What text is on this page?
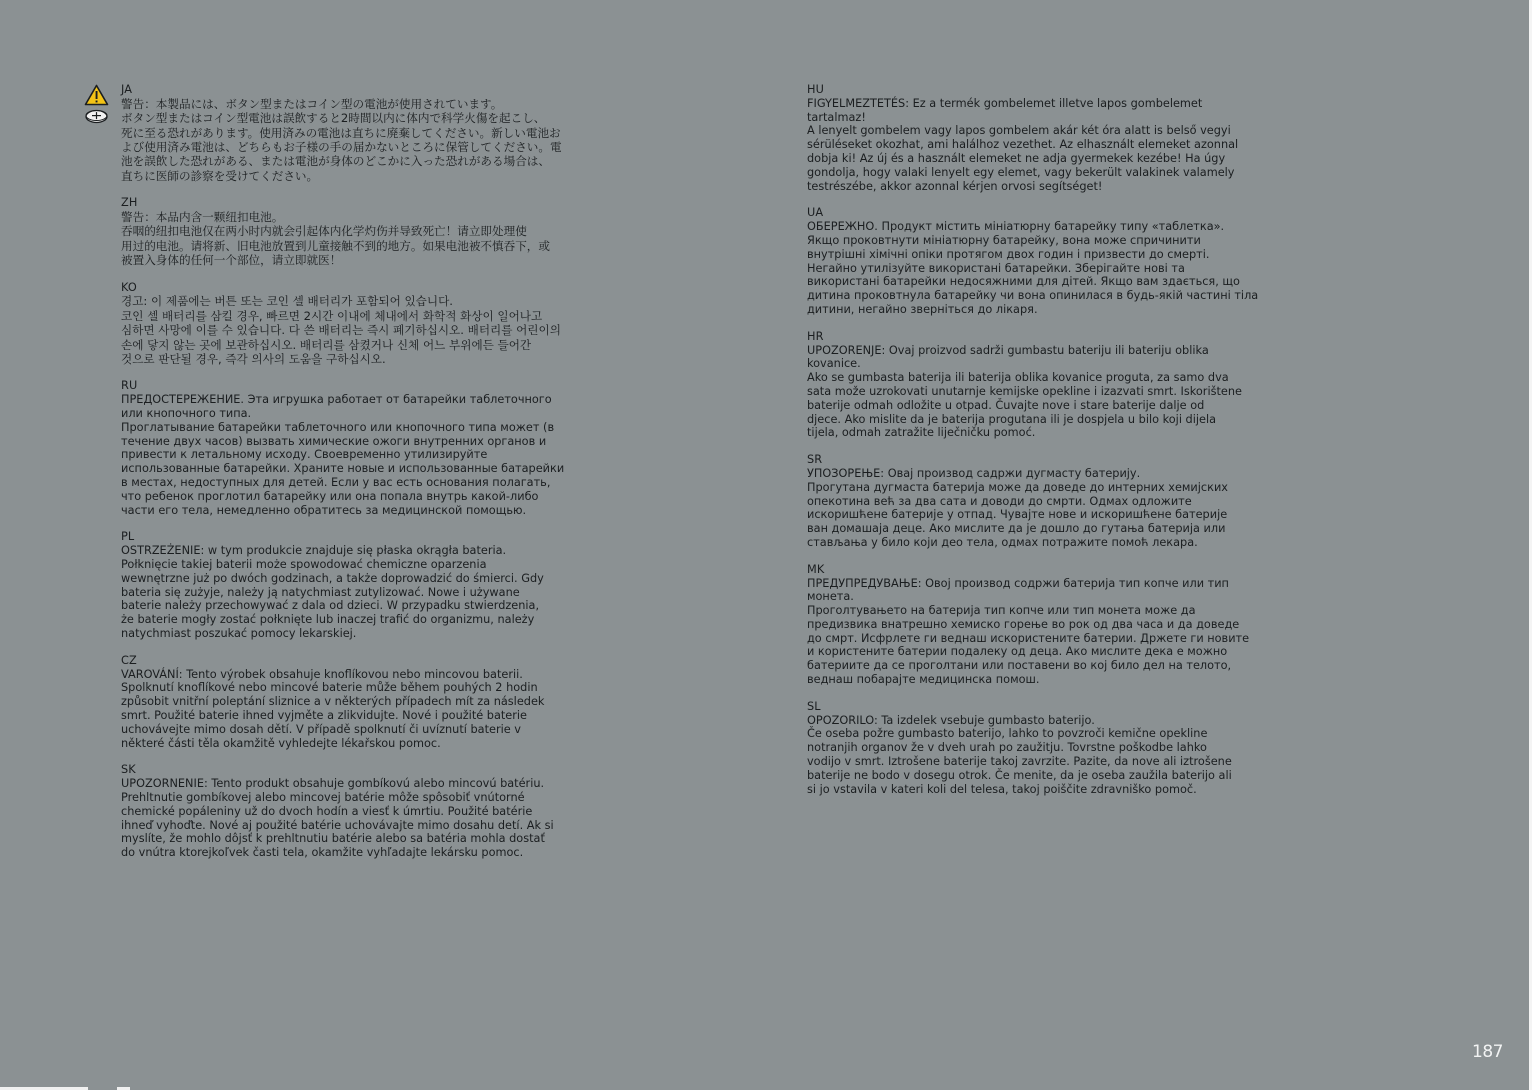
JA
警告：本製品には、ボタン型またはコイン型の電池が使用されています。
ボタン型またはコイン型電池は誤飲すると2時間以内に体内で科学火傷を起こし、
死に至る恐れがあります。使用済みの電池は直ちに廃棄してください。新しい電池お
よび使用済み電池は、どちらもお子様の手の届かないところに保管してください。電
池を誤飲した恐れがある、または電池が身体のどこかに入った恐れがある場合は、
直ちに医師の診察を受けてください。
ZH
警告：本品内含一颗纽扣电池。
吞咽的纽扣电池仅在两小时内就会引起体内化学灼伤并导致死亡！请立即处理使
用过的电池。请将新、旧电池放置到儿童接触不到的地方。如果电池被不慎吞下，或
被置入身体的任何一个部位，请立即就医！
KO
경고: 이 제품에는 버튼 또는 코인 셀 배터리가 포함되어 있습니다.
코인 셀 배터리를 삼킬 경우, 빠르면 2시간 이내에 체내에서 화학적 화상이 일어나고
심하면 사망에 이를 수 있습니다. 다 쓴 배터리는 즉시 폐기하십시오. 배터리를 어린이의
손에 닿지 않는 곳에 보관하십시오. 배터리를 삼켰거나 신체 어느 부위에든 들어간
것으로 판단될 경우, 즉각 의사의 도움을 구하십시오.
RU
ПРЕДОСТЕРЕЖЕНИЕ. Эта игрушка работает от батарейки таблеточного
или кнопочного типа.
Проглатывание батарейки таблеточного или кнопочного типа может (в
течение двух часов) вызвать химические ожоги внутренних органов и
привести к летальному исходу. Своевременно утилизируйте
использованные батарейки. Храните новые и использованные батарейки
в местах, недоступных для детей. Если у вас есть основания полагать,
что ребенок проглотил батарейку или она попала внутрь какой-либо
части его тела, немедленно обратитесь за медицинской помощью.
PL
OSTRZEŻENIE: w tym produkcie znajduje się płaska okrągła bateria.
Połknięcie takiej baterii może spowodować chemiczne oparzenia
wewnętrzne już po dwóch godzinach, a także doprowadzić do śmierci. Gdy
bateria się zużyje, należy ją natychmiast zutylizować. Nowe i używane
baterie należy przechowywać z dala od dzieci. W przypadku stwierdzenia,
że baterie mogły zostać połknięte lub inaczej trafić do organizmu, należy
natychmiast poszukać pomocy lekarskiej.
CZ
VAROVÁNÍ: Tento výrobek obsahuje knoflíkovou nebo mincovou baterii.
Spolknutí knoflíkové nebo mincové baterie může během pouhých 2 hodin
způsobit vnitřní poleptání sliznice a v některých případech mít za následek
smrt. Použité baterie ihned vyjměte a zlikvidujte. Nové i použité baterie
uchovávejte mimo dosah dětí. V případě spolknutí či uvíznutí baterie v
některé části těla okamžitě vyhledejte lékařskou pomoc.
SK
UPOZORNENIE: Tento produkt obsahuje gombíkovú alebo mincovú batériu.
Prehltnutie gombíkovej alebo mincovej batérie môže spôsobiť vnútorné
chemické popáleniny už do dvoch hodín a viesť k úmrtiu. Použité batérie
ihneď vyhoďte. Nové aj použité batérie uchovávajte mimo dosahu detí. Ak si
myslíte, že mohlo dôjsť k prehltnutiu batérie alebo sa batéria mohla dostať
do vnútra ktorejkoľvek časti tela, okamžite vyhľadajte lekársku pomoc.
HU
FIGYELMEZTETÉS: Ez a termék gombelemet illetve lapos gombelemet
tartalmaz!
A lenyelt gombelem vagy lapos gombelem akár két óra alatt is belső vegyi
sérüléseket okozhat, ami halálhoz vezethet. Az elhasznált elemeket azonnal
dobja ki! Az új és a használt elemeket ne adja gyermekek kezébe! Ha úgy
gondolja, hogy valaki lenyelt egy elemet, vagy bekerült valakinek valamely
testrészébe, akkor azonnal kérjen orvosi segítséget!
UA
ОБЕРЕЖНО. Продукт містить мініатюрну батарейку типу «таблетка».
Якщо проковтнути мініатюрну батарейку, вона може спричинити
внутрішні хімічні опіки протягом двох годин і призвести до смерті.
Негайно утилізуйте використані батарейки. Зберігайте нові та
використані батарейки недосяжними для дітей. Якщо вам здається, що
дитина проковтнула батарейку чи вона опинилася в будь-якій частині тіла
дитини, негайно зверніться до лікаря.
HR
UPOZORENJE: Ovaj proizvod sadrži gumbastu bateriju ili bateriju oblika
kovanice.
Ako se gumbasta baterija ili baterija oblika kovanice proguta, za samo dva
sata može uzrokovati unutarnje kemijske opekline i izazvati smrt. Iskorištene
baterije odmah odložite u otpad. Čuvajte nove i stare baterije dalje od
djece. Ako mislite da je baterija progutana ili je dospjela u bilo koji dijela
tijela, odmah zatražite liječničku pomoć.
SR
УПОЗОРЕЊЕ: Овај производ садржи дугмасту батерију.
Прогутана дугмаста батерија може да доведе до интерних хемијских
опекотина већ за два сата и доводи до смрти. Одмах одложите
искоришћене батерије у отпад. Чувајте нове и искоришћене батерије
ван домашаја деце. Ако мислите да је дошло до гутања батерија или
стављања у било који део тела, одмах потражите помоћ лекара.
MK
ПРЕДУПРЕДУВАЊЕ: Овој производ содржи батерија тип копче или тип
монета.
Проголтувањето на батерија тип копче или тип монета може да
предизвика внатрешно хемиско горење во рок од два часа и да доведе
до смрт. Исфрлете ги веднаш искористените батерии. Држете ги новите
и користените батерии подалеку од деца. Ако мислите дека е можно
батериите да се проголтани или поставени во кој било дел на телото,
веднаш побарајте медицинска помош.
SL
OPOZORILO: Ta izdelek vsebuje gumbasto baterijo.
Če oseba požre gumbasto baterijo, lahko to povzroči kemične opekline
notranjih organov že v dveh urah po zaužitju. Tovrstne poškodbe lahko
vodijo v smrt. Iztrošene baterije takoj zavrzite. Pazite, da nove ali iztrošene
baterije ne bodo v dosegu otrok. Če menite, da je oseba zaužila baterijo ali
si jo vstavila v kateri koli del telesa, takoj poiščite zdravniško pomoč.
187
